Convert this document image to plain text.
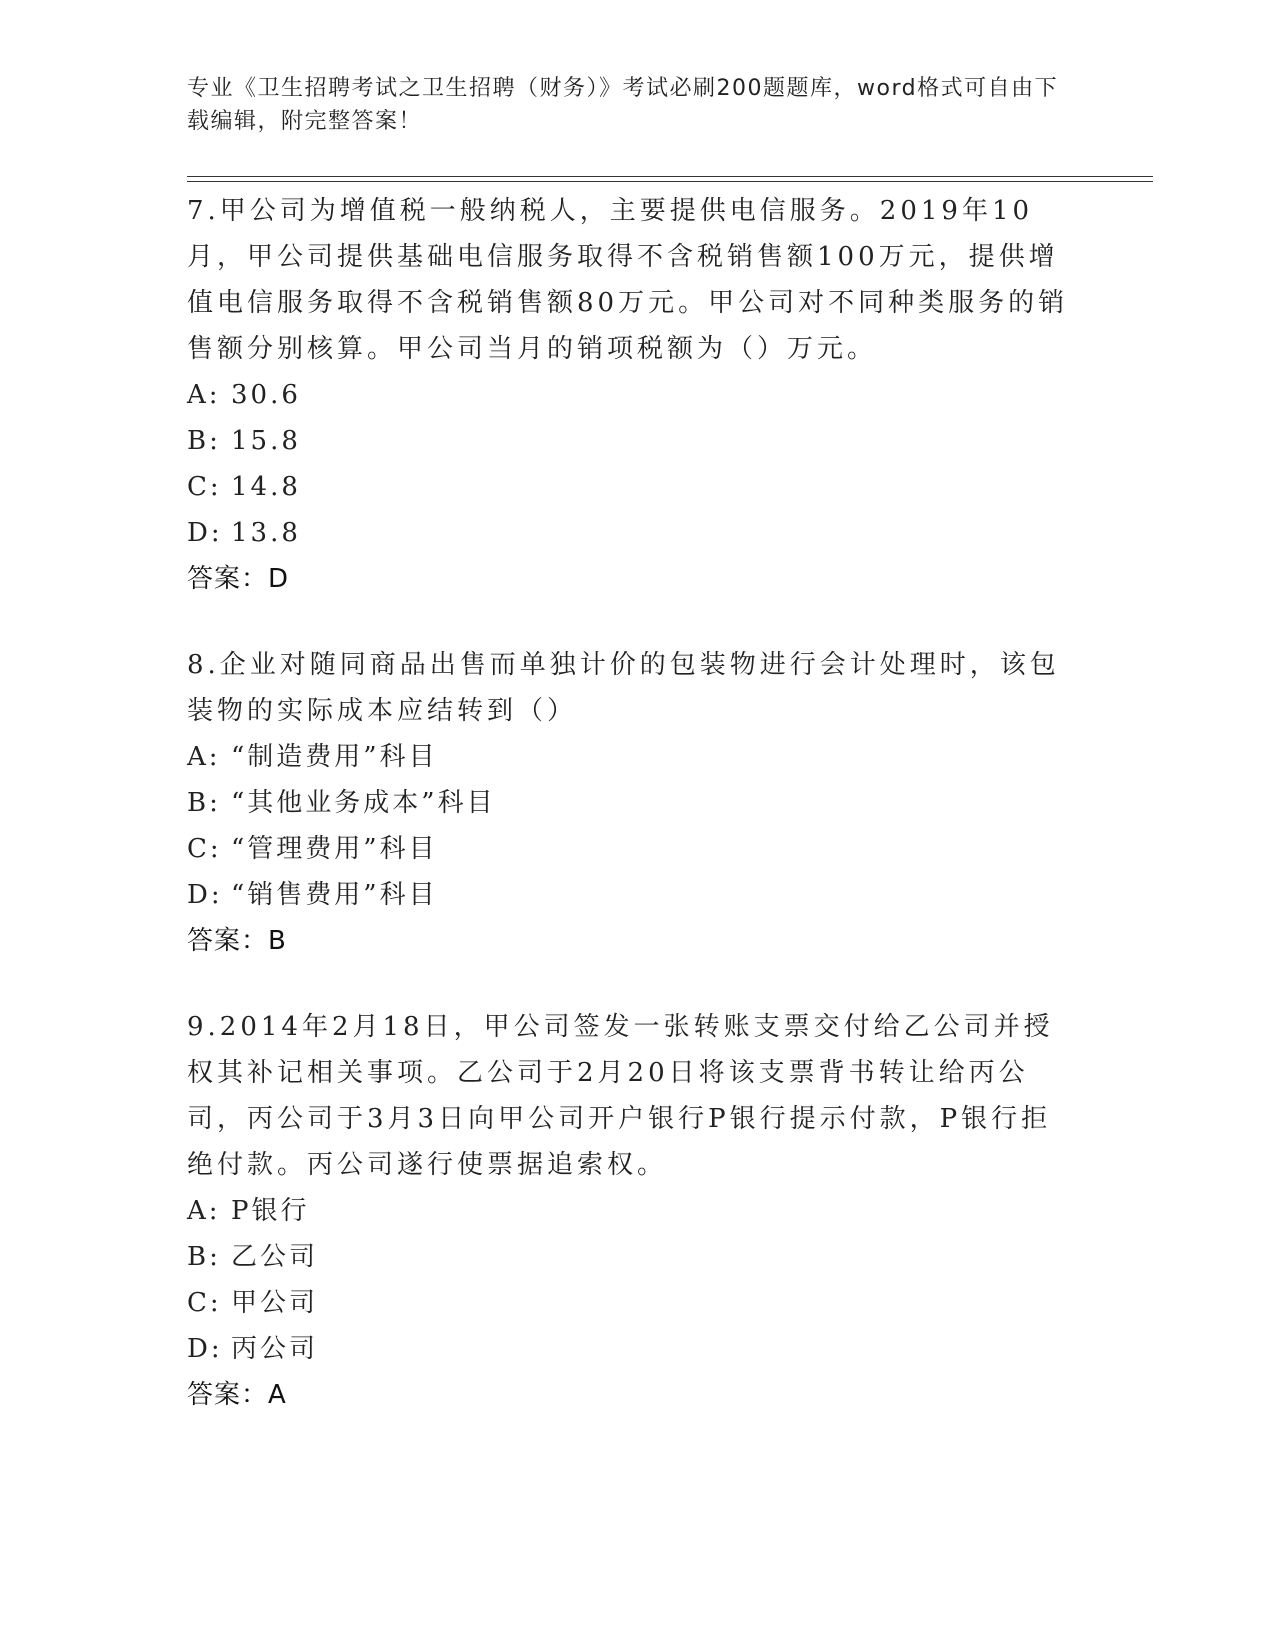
专业《卫生招聘考试之卫生招聘（财务）》考试必刷200题题库，word格式可自由下载编辑，附完整答案！

7.甲公司为增值税一般纳税人，主要提供电信服务。2019年10月，甲公司提供基础电信服务取得不含税销售额100万元，提供增值电信服务取得不含税销售额80万元。甲公司对不同种类服务的销售额分别核算。甲公司当月的销项税额为（）万元。

A: 30.6

B: 15.8

C: 14.8

D: 13.8

答案：D

8.企业对随同商品出售而单独计价的包装物进行会计处理时，该包装物的实际成本应结转到（）

A: “制造费用”科目

B: “其他业务成本”科目

C: “管理费用”科目

D: “销售费用”科目

答案：B

9.2014年2月18日，甲公司签发一张转账支票交付给乙公司并授权其补记相关事项。乙公司于2月20日将该支票背书转让给丙公司，丙公司于3月3日向甲公司开户银行P银行提示付款，P银行拒绝付款。丙公司遂行使票据追索权。

A: P银行

B: 乙公司

C: 甲公司

D: 丙公司

答案：A
